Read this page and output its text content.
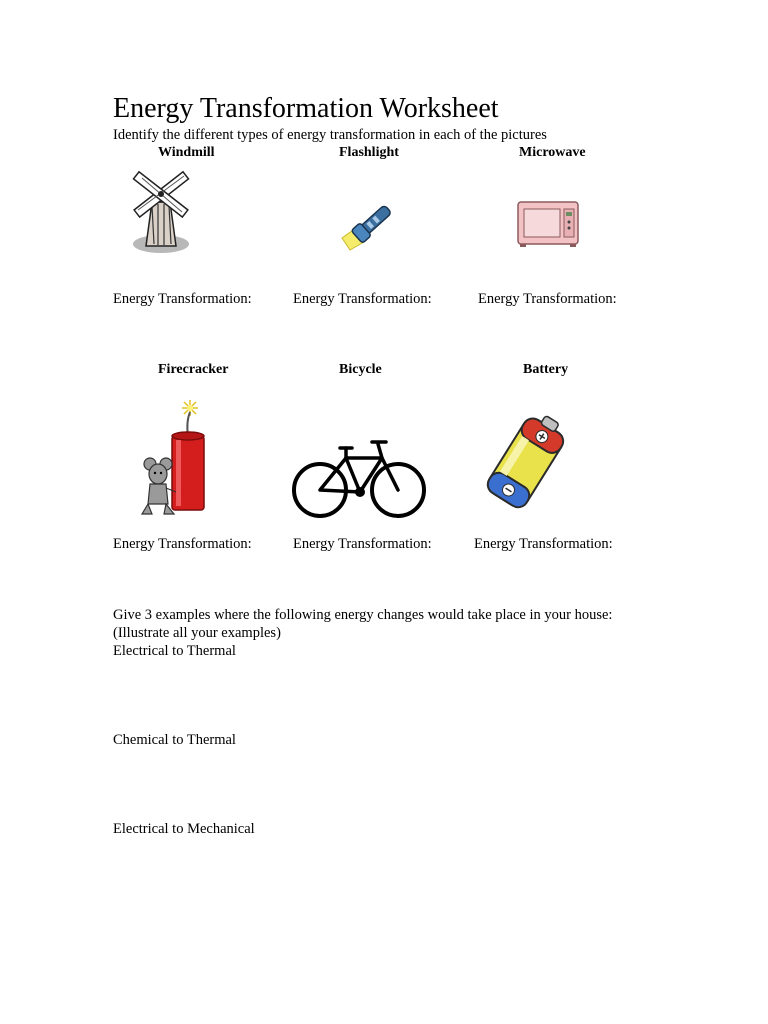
Energy Transformation Worksheet
Identify the different types of energy transformation in each of the pictures
Windmill	Flashlight	Microwave
Energy Transformation:	Energy Transformation:	Energy Transformation:
Firecracker	Bicycle	Battery
Energy Transformation:	Energy Transformation:	Energy Transformation:
Give 3 examples where the following energy changes would take place in your house:
(Illustrate all your examples)
Electrical to Thermal
Chemical to Thermal
Electrical to Mechanical
